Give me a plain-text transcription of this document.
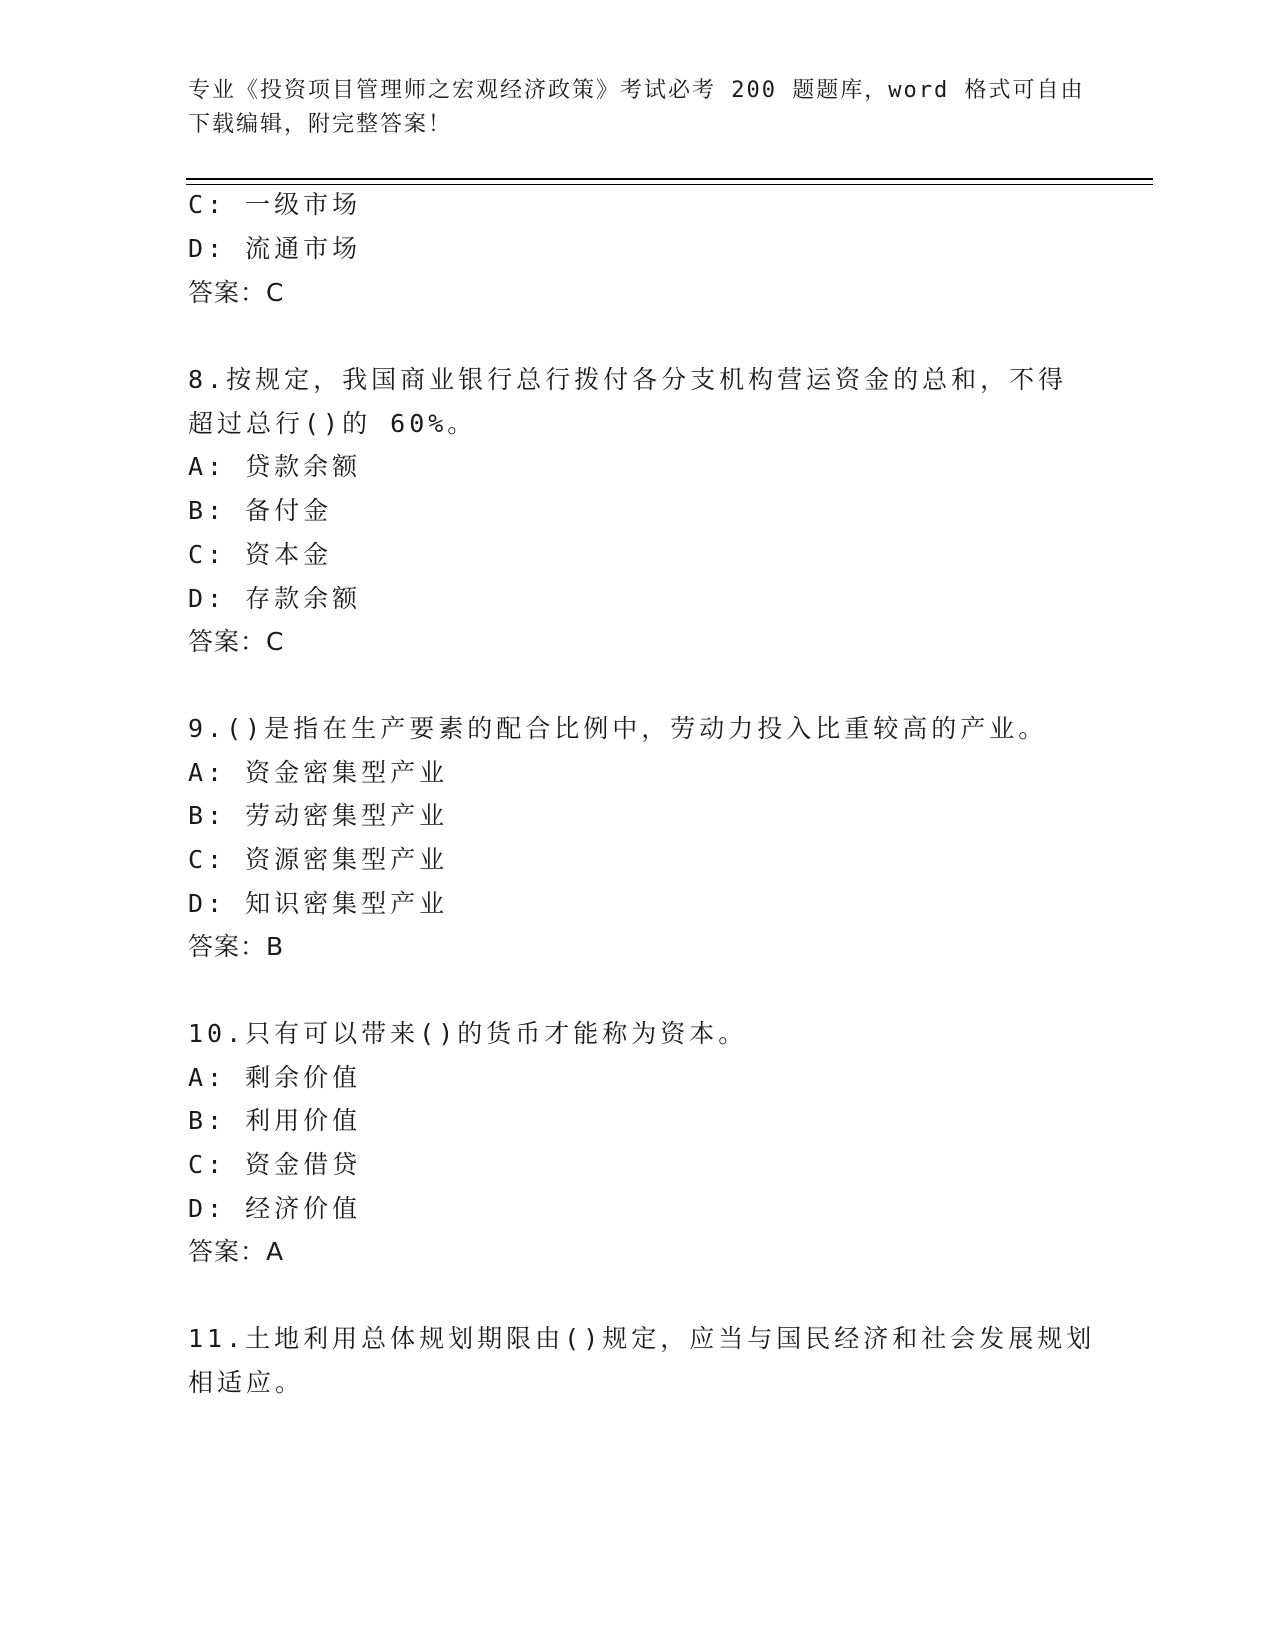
专业《投资项目管理师之宏观经济政策》考试必考 200 题题库，word 格式可自由
下载编辑，附完整答案！
C: 一级市场
D: 流通市场
答案：C
8.按规定，我国商业银行总行拨付各分支机构营运资金的总和，不得
超过总行()的 60%。
A: 贷款余额
B: 备付金
C: 资本金
D: 存款余额
答案：C
9.()是指在生产要素的配合比例中，劳动力投入比重较高的产业。
A: 资金密集型产业
B: 劳动密集型产业
C: 资源密集型产业
D: 知识密集型产业
答案：B
10.只有可以带来()的货币才能称为资本。
A: 剩余价值
B: 利用价值
C: 资金借贷
D: 经济价值
答案：A
11.土地利用总体规划期限由()规定，应当与国民经济和社会发展规划
相适应。
